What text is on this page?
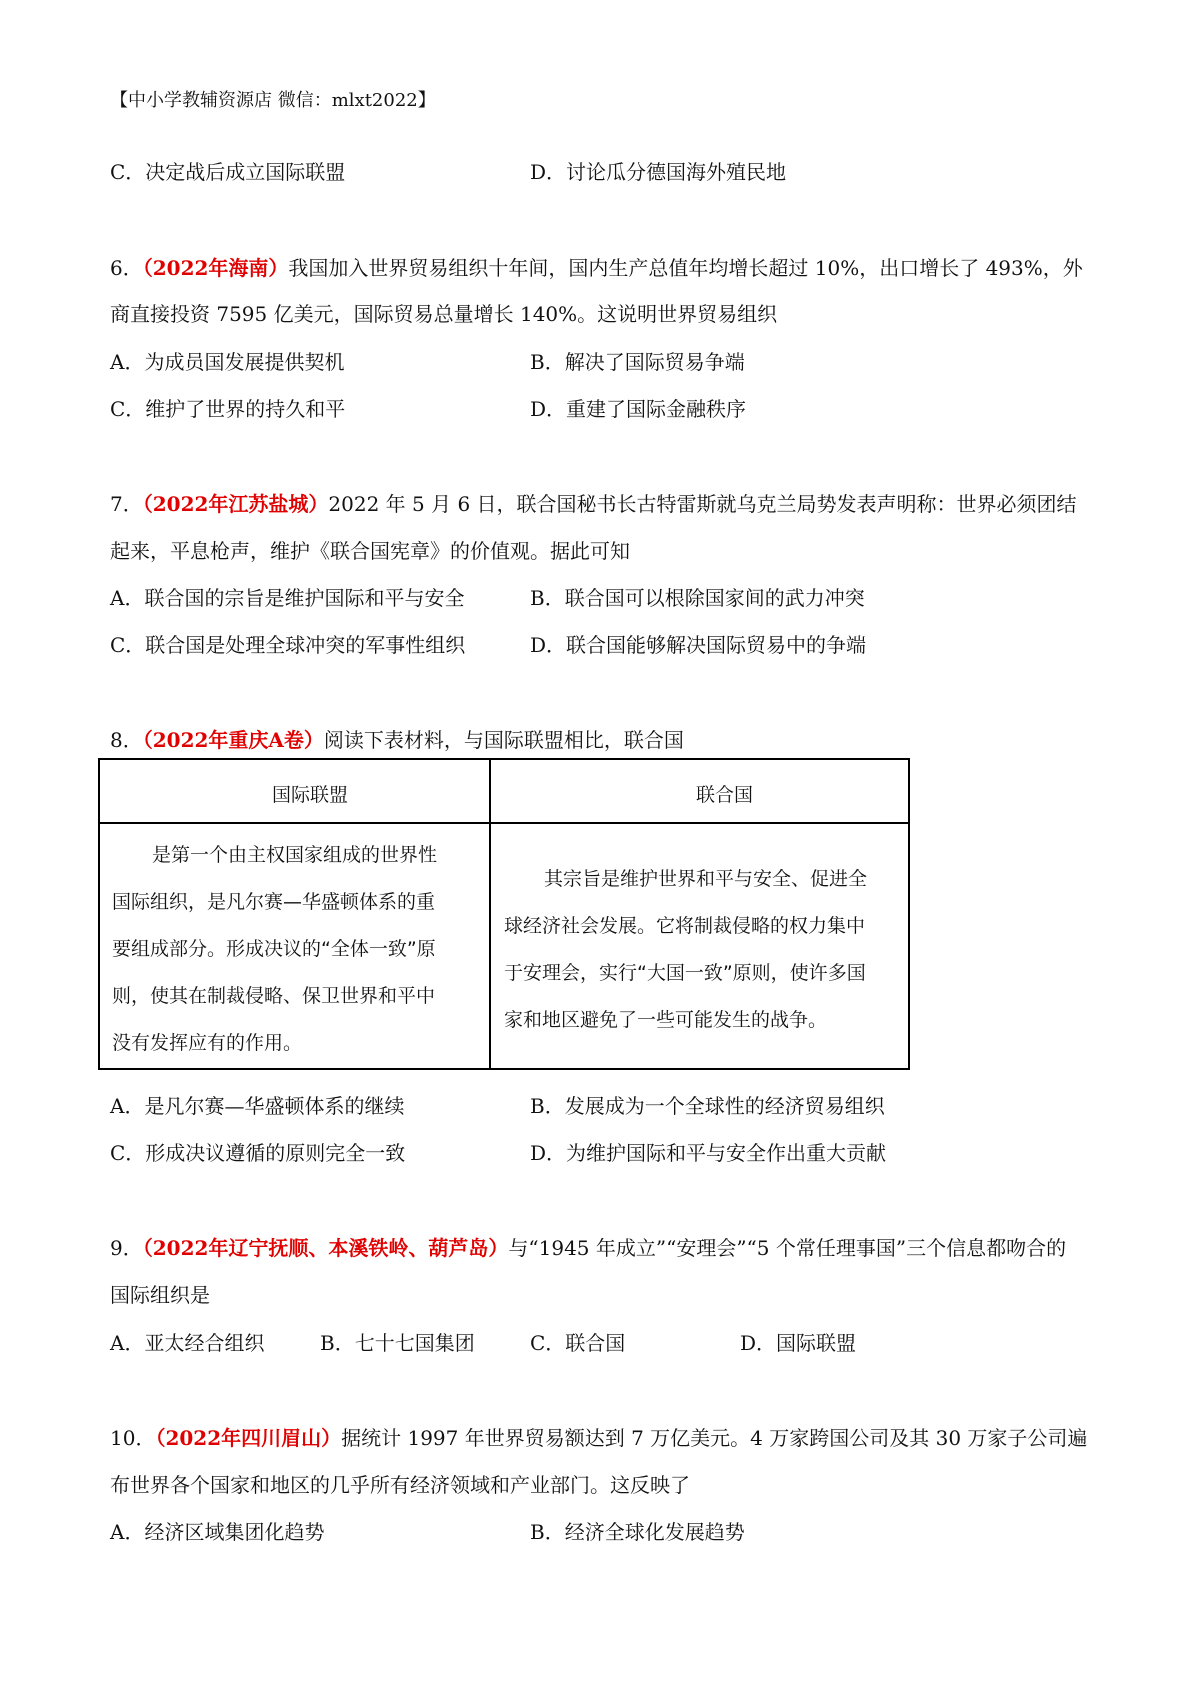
【中小学教辅资源店 微信：mlxt2022】
C．决定战后成立国际联盟	D．讨论瓜分德国海外殖民地
6．（2022年海南）我国加入世界贸易组织十年间，国内生产总值年均增长超过 10%，出口增长了 493%，外
商直接投资 7595 亿美元，国际贸易总量增长 140%。这说明世界贸易组织
A．为成员国发展提供契机	B．解决了国际贸易争端
C．维护了世界的持久和平	D．重建了国际金融秩序
7．（2022年江苏盐城）2022 年 5 月 6 日，联合国秘书长古特雷斯就乌克兰局势发表声明称：世界必须团结
起来，平息枪声，维护《联合国宪章》的价值观。据此可知
A．联合国的宗旨是维护国际和平与安全	B．联合国可以根除国家间的武力冲突
C．联合国是处理全球冲突的军事性组织	D．联合国能够解决国际贸易中的争端
8．（2022年重庆A卷）阅读下表材料，与国际联盟相比，联合国
国际联盟	联合国
是第一个由主权国家组成的世界性
国际组织，是凡尔赛—华盛顿体系的重
要组成部分。形成决议的“全体一致”原
则，使其在制裁侵略、保卫世界和平中
没有发挥应有的作用。
其宗旨是维护世界和平与安全、促进全
球经济社会发展。它将制裁侵略的权力集中
于安理会，实行“大国一致”原则，使许多国
家和地区避免了一些可能发生的战争。
A．是凡尔赛—华盛顿体系的继续	B．发展成为一个全球性的经济贸易组织
C．形成决议遵循的原则完全一致	D．为维护国际和平与安全作出重大贡献
9．（2022年辽宁抚顺、本溪铁岭、葫芦岛）与“1945 年成立”“安理会”“5 个常任理事国”三个信息都吻合的
国际组织是
A．亚太经合组织	B．七十七国集团	C．联合国	D．国际联盟
10．（2022年四川眉山）据统计 1997 年世界贸易额达到 7 万亿美元。4 万家跨国公司及其 30 万家子公司遍
布世界各个国家和地区的几乎所有经济领域和产业部门。这反映了
A．经济区域集团化趋势	B．经济全球化发展趋势
